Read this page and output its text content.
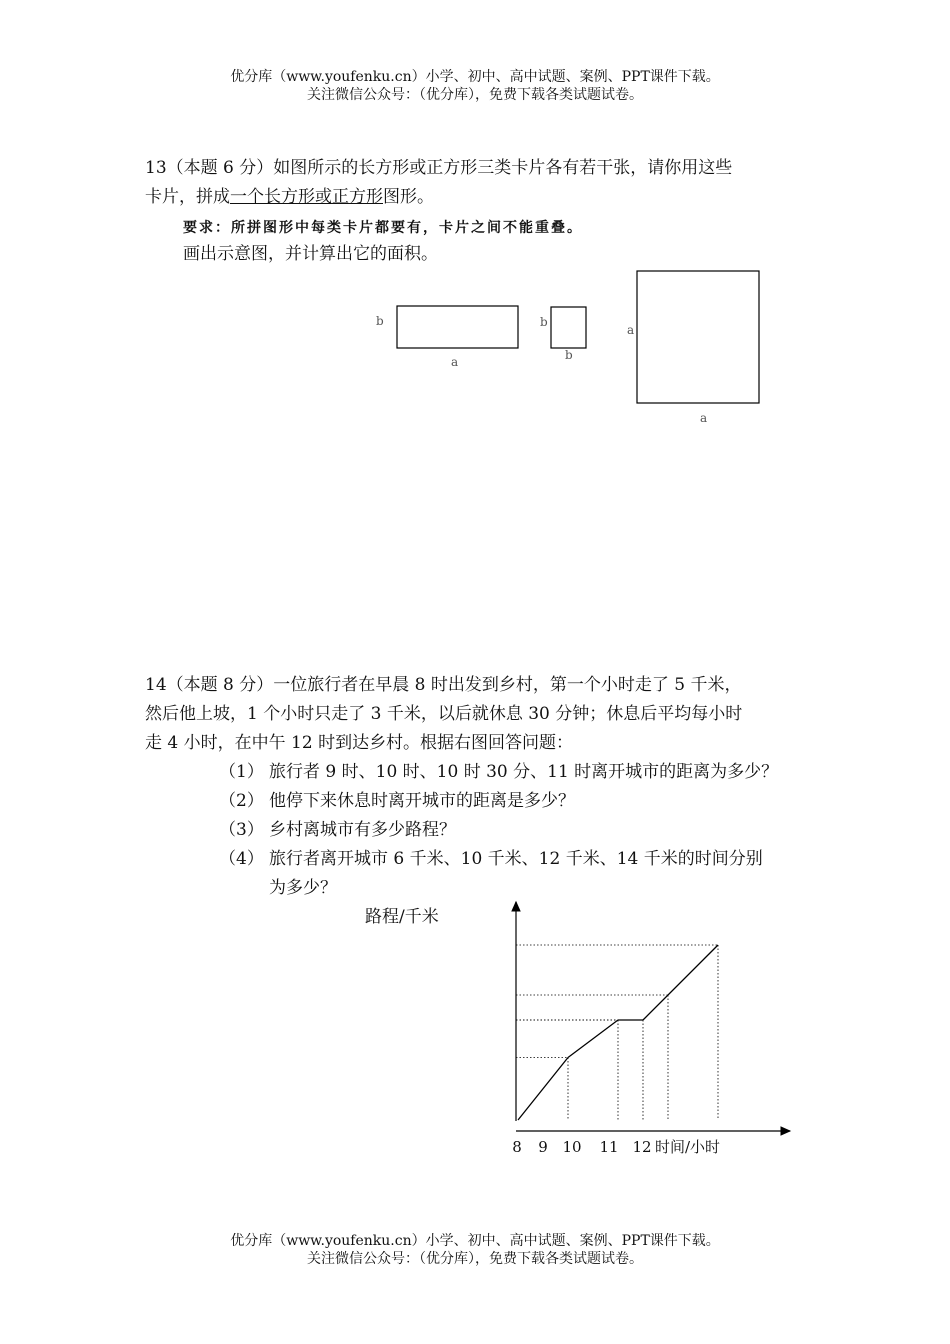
优分库（www.youfenku.cn）小学、初中、高中试题、案例、PPT课件下载。
关注微信公众号：（优分库），免费下载各类试题试卷。
13（本题 6 分）如图所示的长方形或正方形三类卡片各有若干张，请你用这些
卡片，拼成一个长方形或正方形图形。
要求：所拼图形中每类卡片都要有，卡片之间不能重叠。
画出示意图，并计算出它的面积。
b
a
b
b
a
a
14（本题 8 分）一位旅行者在早晨 8 时出发到乡村，第一个小时走了 5 千米，
然后他上坡，1 个小时只走了 3 千米，以后就休息 30 分钟；休息后平均每小时
走 4 小时，在中午 12 时到达乡村。根据右图回答问题：
（1） 旅行者 9 时、10 时、10 时 30 分、11 时离开城市的距离为多少？
（2） 他停下来休息时离开城市的距离是多少？
（3） 乡村离城市有多少路程？
（4） 旅行者离开城市 6 千米、10 千米、12 千米、14 千米的时间分别
为多少？
路程/千米
8 9 10 11 12 时间/小时
优分库（www.youfenku.cn）小学、初中、高中试题、案例、PPT课件下载。
关注微信公众号：（优分库），免费下载各类试题试卷。
